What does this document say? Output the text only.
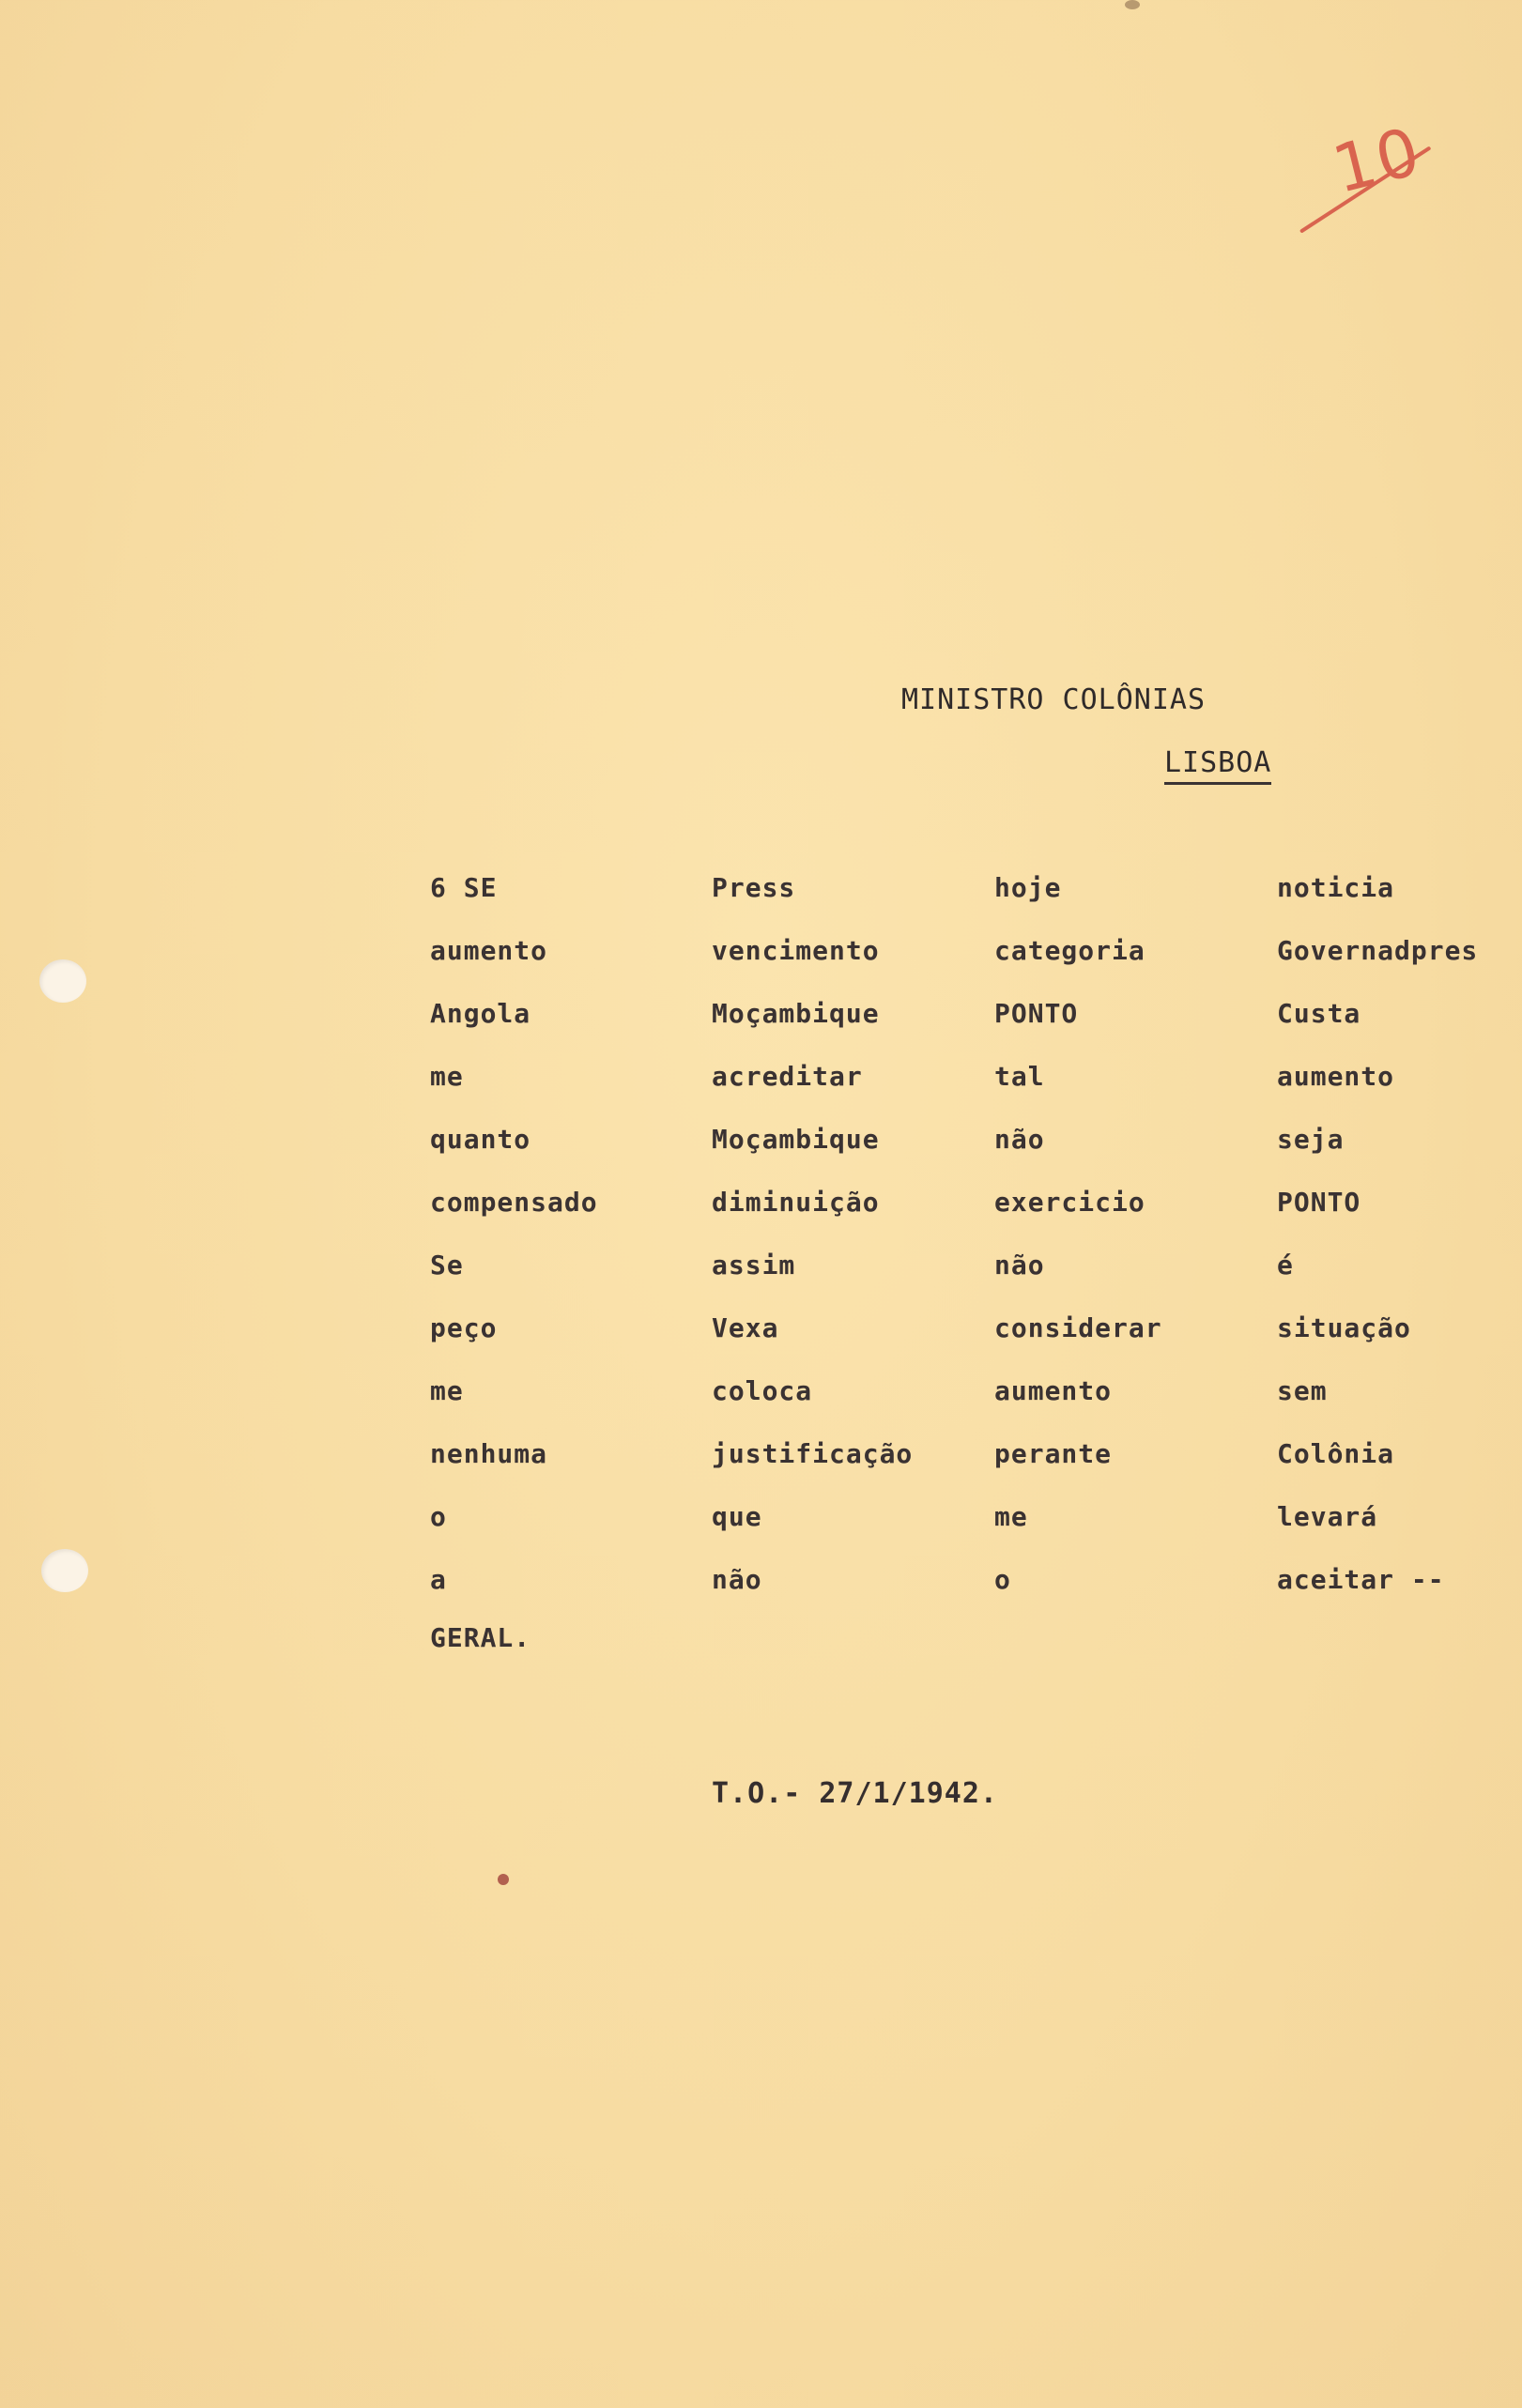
10
MINISTRO COLÔNIAS
LISBOA
6 SE	Press	hoje	noticia
aumento	vencimento	categoria	Governadpres
Angola	Moçambique	PONTO	Custa
me	acreditar	tal	aumento
quanto	Moçambique	não	seja
compensado	diminuição	exercicio	PONTO
Se	assim	não	é
peço	Vexa	considerar	situação
me	coloca	aumento	sem
nenhuma	justificação	perante	Colônia
o	que	me	levará
a	não	o	aceitar --
GERAL.
T.O.- 27/1/1942.
